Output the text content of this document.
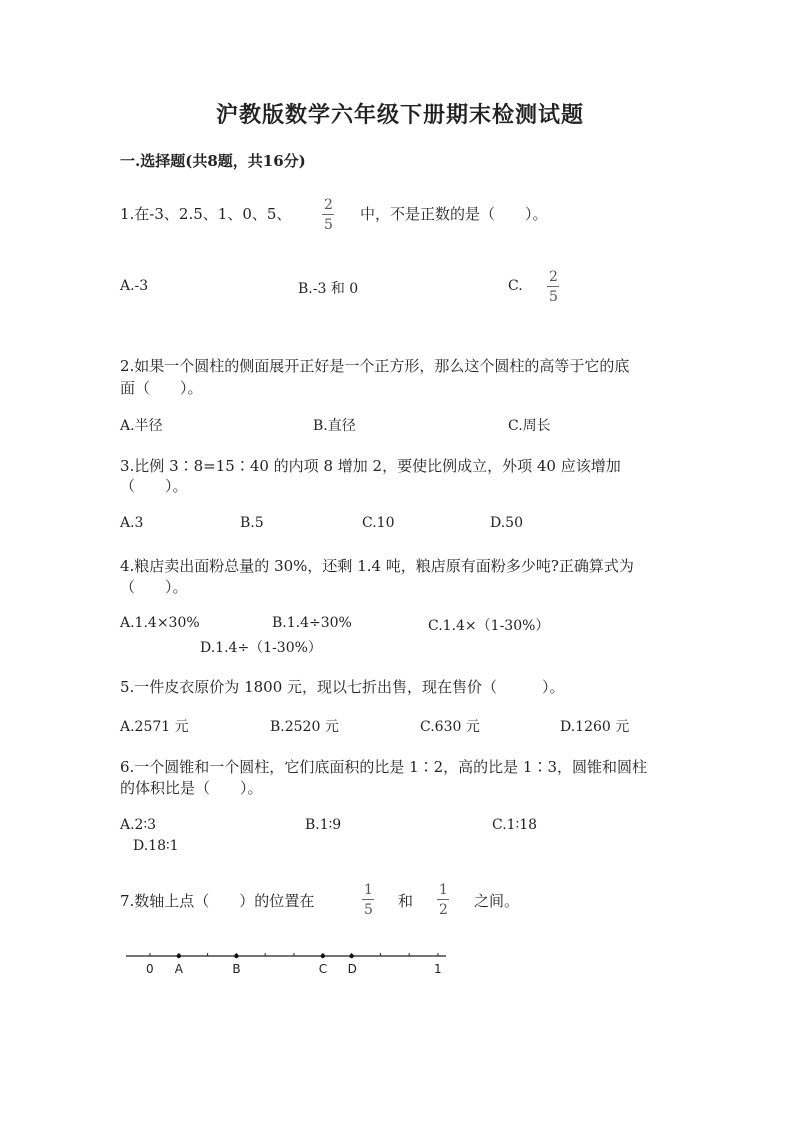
沪教版数学六年级下册期末检测试题
一.选择题(共8题，共16分)
1.在-3、2.5、1、0、5、 2
5
中，不是正数的是（　　）。
A.-3	B.-3 和 0	C.
2
5
2.如果一个圆柱的侧面展开正好是一个正方形，那么这个圆柱的高等于它的底
面（　　）。
A.半径	B.直径	C.周长
3.比例 3∶8=15∶40 的内项 8 增加 2，要使比例成立，外项 40 应该增加
（　　）。
A.3	B.5	C.10	D.50
4.粮店卖出面粉总量的 30%，还剩 1.4 吨，粮店原有面粉多少吨?正确算式为
（　　）。
A.1.4×30%	B.1.4÷30%	C.1.4×（1-30%）
D.1.4÷（1-30%）
5.一件皮衣原价为 1800 元，现以七折出售，现在售价（　　　）。
A.2571 元	B.2520 元	C.630 元	D.1260 元
6.一个圆锥和一个圆柱，它们底面积的比是 1∶2，高的比是 1∶3，圆锥和圆柱
的体积比是（　　）。
A.2∶3	B.1∶9	C.1∶18
D.18∶1
7.数轴上点（　　）的位置在
1
5 和
1
2 之间。
0 A	B	C D	1
